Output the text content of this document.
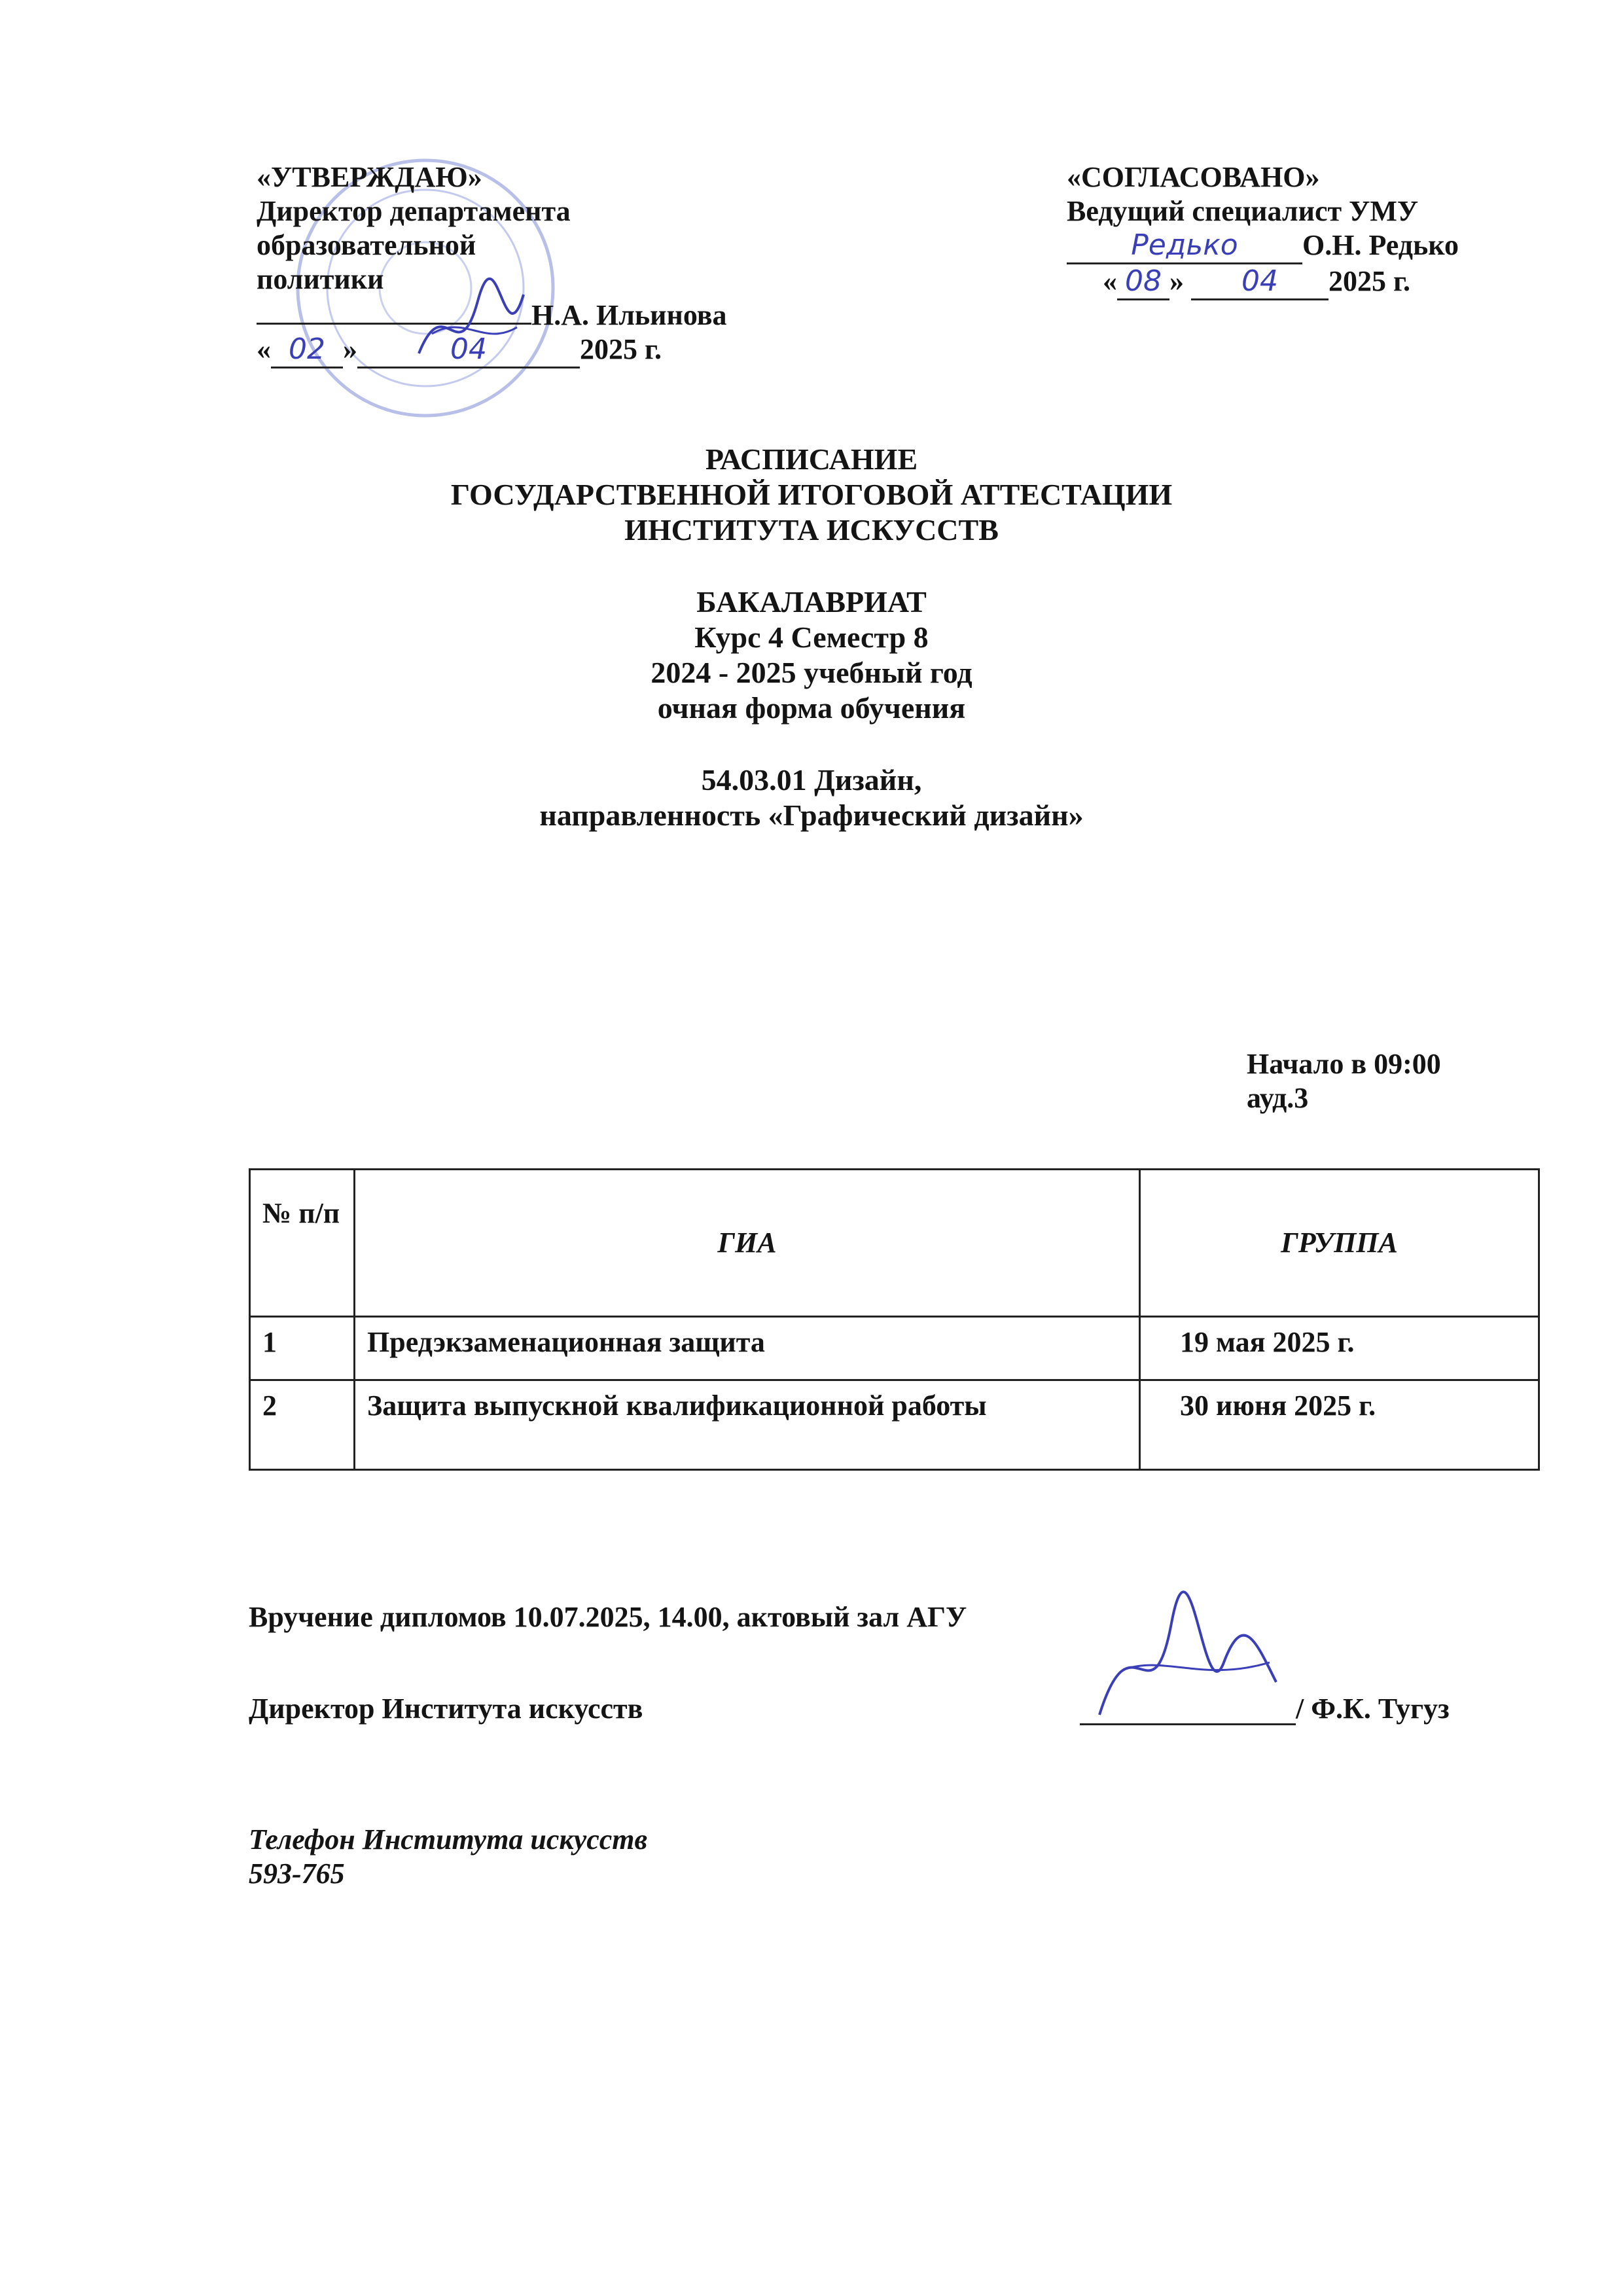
«УТВЕРЖДАЮ»
Директор департамента
образовательной
политики
Н.А. Ильинова
« 02 »	04	2025 г.
«СОГЛАСОВАНО»
Ведущий специалист УМУ
Редько О.Н. Редько
« 08 » 04 2025 г.
РАСПИСАНИЕ
ГОСУДАРСТВЕННОЙ ИТОГОВОЙ АТТЕСТАЦИИ
ИНСТИТУТА ИСКУССТВ
БАКАЛАВРИАТ
Курс 4 Семестр 8
2024 - 2025 учебный год
очная форма обучения
54.03.01 Дизайн,
направленность «Графический дизайн»
Начало в 09:00
ауд.3
№ п/п	ГИА	ГРУППА
1	Предэкзаменационная защита	19 мая 2025 г.
2	Защита выпускной квалификационной работы	30 июня 2025 г.
Вручение дипломов 10.07.2025, 14.00, актовый зал АГУ
Директор Института искусств	/ Ф.К. Тугуз
Телефон Института искусств
593-765
